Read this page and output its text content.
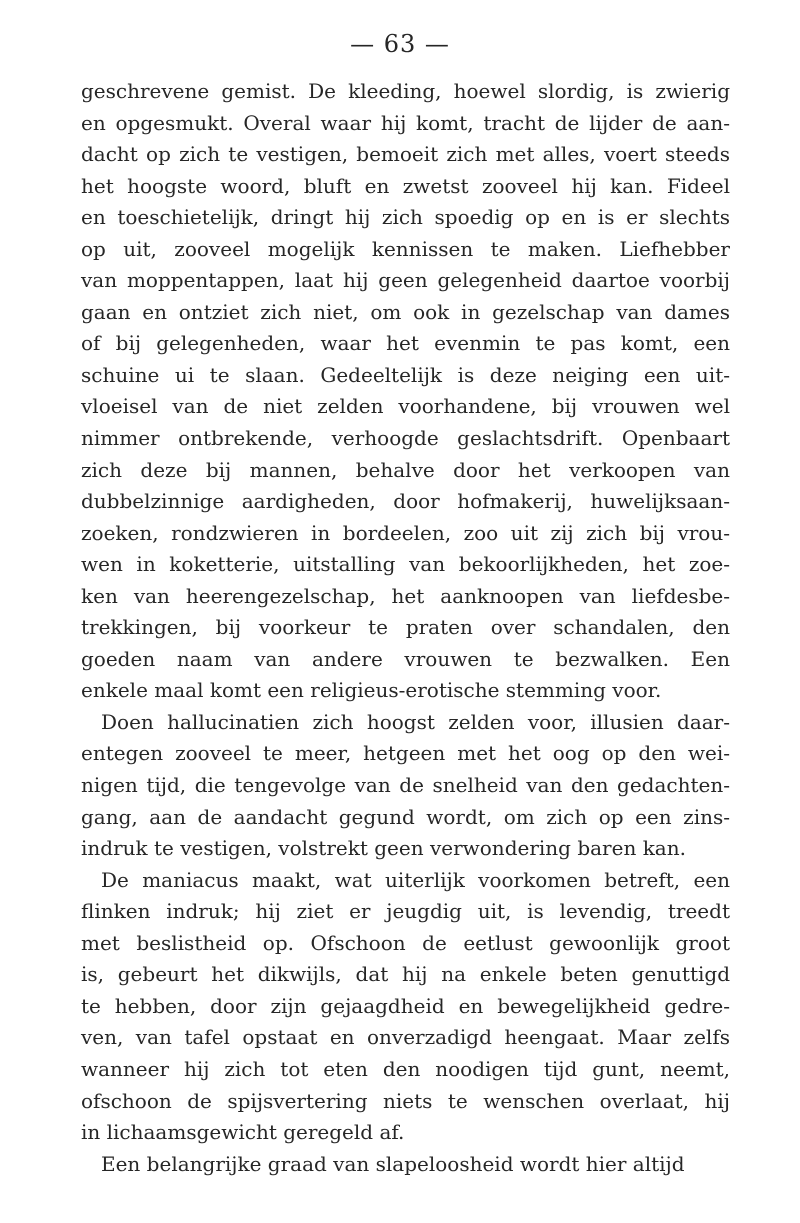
— 63 —
geschrevene gemist. De kleeding, hoewel slordig, is zwierig
en opgesmukt. Overal waar hij komt, tracht de lijder de aan-
dacht op zich te vestigen, bemoeit zich met alles, voert steeds
het hoogste woord, bluft en zwetst zooveel hij kan. Fideel
en toeschietelijk, dringt hij zich spoedig op en is er slechts
op uit, zooveel mogelijk kennissen te maken. Liefhebber
van moppentappen, laat hij geen gelegenheid daartoe voorbij
gaan en ontziet zich niet, om ook in gezelschap van dames
of bij gelegenheden, waar het evenmin te pas komt, een
schuine ui te slaan. Gedeeltelijk is deze neiging een uit-
vloeisel van de niet zelden voorhandene, bij vrouwen wel
nimmer ontbrekende, verhoogde geslachtsdrift. Openbaart
zich deze bij mannen, behalve door het verkoopen van
dubbelzinnige aardigheden, door hofmakerij, huwelijksaan-
zoeken, rondzwieren in bordeelen, zoo uit zij zich bij vrou-
wen in koketterie, uitstalling van bekoorlijkheden, het zoe-
ken van heerengezelschap, het aanknoopen van liefdesbe-
trekkingen, bij voorkeur te praten over schandalen, den
goeden naam van andere vrouwen te bezwalken. Een
enkele maal komt een religieus-erotische stemming voor.
Doen hallucinatien zich hoogst zelden voor, illusien daar-
entegen zooveel te meer, hetgeen met het oog op den wei-
nigen tijd, die tengevolge van de snelheid van den gedachten-
gang, aan de aandacht gegund wordt, om zich op een zins-
indruk te vestigen, volstrekt geen verwondering baren kan.
De maniacus maakt, wat uiterlijk voorkomen betreft, een
flinken indruk; hij ziet er jeugdig uit, is levendig, treedt
met beslistheid op. Ofschoon de eetlust gewoonlijk groot
is, gebeurt het dikwijls, dat hij na enkele beten genuttigd
te hebben, door zijn gejaagdheid en bewegelijkheid gedre-
ven, van tafel opstaat en onverzadigd heengaat. Maar zelfs
wanneer hij zich tot eten den noodigen tijd gunt, neemt,
ofschoon de spijsvertering niets te wenschen overlaat, hij
in lichaamsgewicht geregeld af.
Een belangrijke graad van slapeloosheid wordt hier altijd
